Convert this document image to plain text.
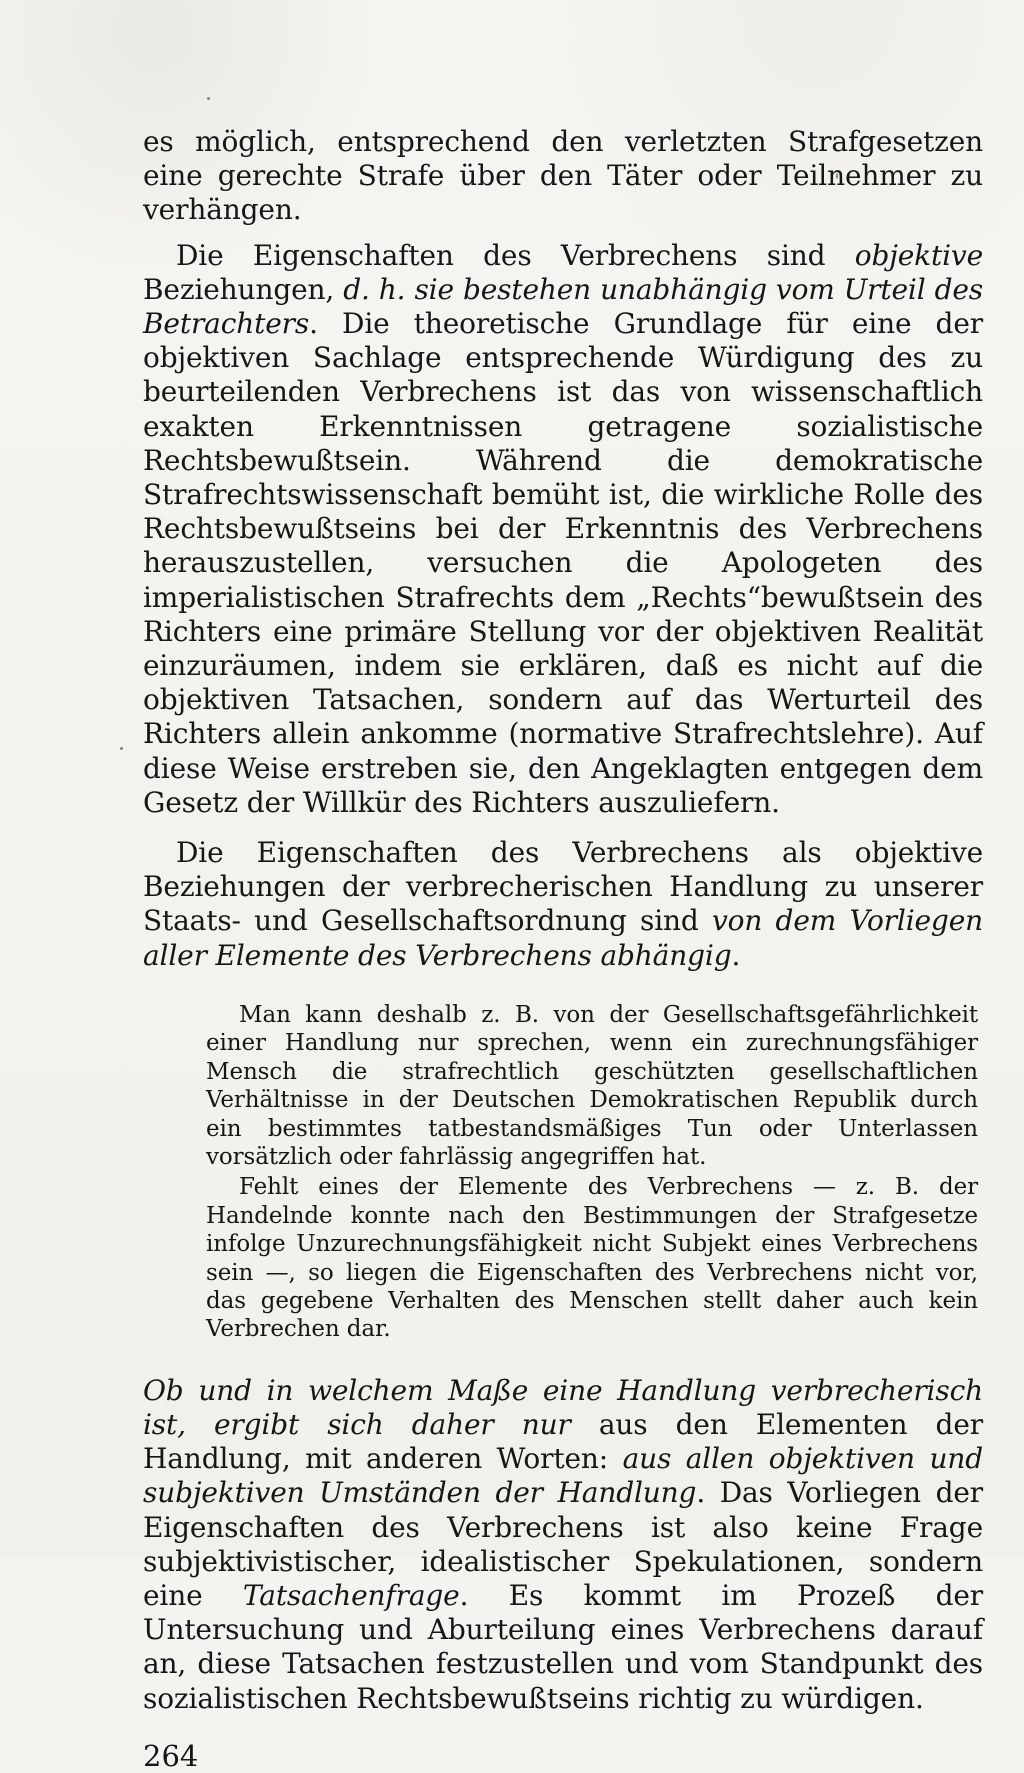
es möglich, entsprechend den verletzten Strafgesetzen eine gerechte Strafe über den Täter oder Teilnehmer zu verhängen.

Die Eigenschaften des Verbrechens sind objektive Beziehungen, d. h. sie bestehen unabhängig vom Urteil des Betrachters. Die theoretische Grundlage für eine der objektiven Sachlage entsprechende Würdigung des zu beurteilenden Verbrechens ist das von wissenschaftlich exakten Erkenntnissen getragene sozialistische Rechtsbewußtsein. Während die demokratische Strafrechtswissenschaft bemüht ist, die wirkliche Rolle des Rechtsbewußtseins bei der Erkenntnis des Verbrechens herauszustellen, versuchen die Apologeten des imperialistischen Strafrechts dem „Rechts“bewußtsein des Richters eine primäre Stellung vor der objektiven Realität einzuräumen, indem sie erklären, daß es nicht auf die objektiven Tatsachen, sondern auf das Werturteil des Richters allein ankomme (normative Strafrechtslehre). Auf diese Weise erstreben sie, den Angeklagten entgegen dem Gesetz der Willkür des Richters auszuliefern.

Die Eigenschaften des Verbrechens als objektive Beziehungen der verbrecherischen Handlung zu unserer Staats- und Gesellschaftsordnung sind von dem Vorliegen aller Elemente des Verbrechens abhängig.

Man kann deshalb z. B. von der Gesellschaftsgefährlichkeit einer Handlung nur sprechen, wenn ein zurechnungsfähiger Mensch die strafrechtlich geschützten gesellschaftlichen Verhältnisse in der Deutschen Demokratischen Republik durch ein bestimmtes tatbestandsmäßiges Tun oder Unterlassen vorsätzlich oder fahrlässig angegriffen hat.

Fehlt eines der Elemente des Verbrechens — z. B. der Handelnde konnte nach den Bestimmungen der Strafgesetze infolge Unzurechnungsfähigkeit nicht Subjekt eines Verbrechens sein —, so liegen die Eigenschaften des Verbrechens nicht vor, das gegebene Verhalten des Menschen stellt daher auch kein Verbrechen dar.

Ob und in welchem Maße eine Handlung verbrecherisch ist, ergibt sich daher nur aus den Elementen der Handlung, mit anderen Worten: aus allen objektiven und subjektiven Umständen der Handlung. Das Vorliegen der Eigenschaften des Verbrechens ist also keine Frage subjektivistischer, idealistischer Spekulationen, sondern eine Tatsachenfrage. Es kommt im Prozeß der Untersuchung und Aburteilung eines Verbrechens darauf an, diese Tatsachen festzustellen und vom Standpunkt des sozialistischen Rechtsbewußtseins richtig zu würdigen.

264
